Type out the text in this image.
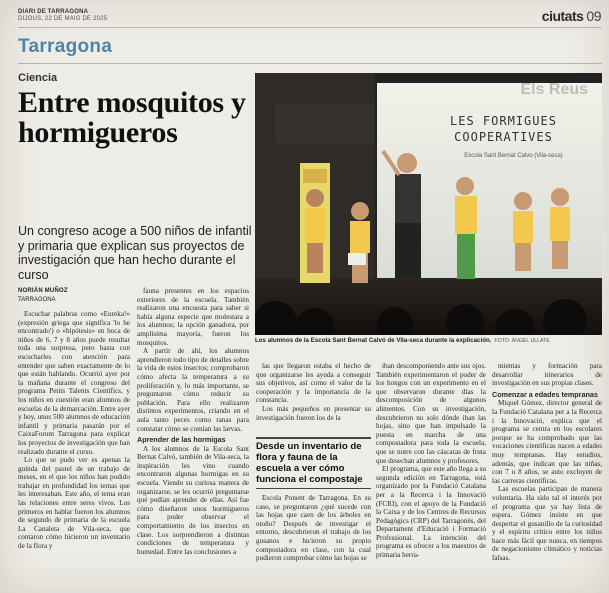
DIARI DE TARRAGONA
DIJOUS, 22 DE MAIG DE 2025	ciutats 09
Tarragona
Ciencia
Entre mosquitos y hormigueros
Un congreso acoge a 500 niños de infantil y primaria que explican sus proyectos de investigación que han hecho durante el curso
NORIÁN MUÑOZ
TARRAGONA
Els Reus
LES FORMIGUES
COOPERATIVES
Escola Sant Bernat Calvo (Vila-seca)
Los alumnos de la Escola Sant Bernat Calvó de Vila-seca durante la explicación. FOTO: ÀNGEL ULLATE

Escuchar palabras como «Eureka!» (expresión griega que significa 'lo he encontrado') o «hipótesis» en boca de niños de 6, 7 y 8 años puede resultar toda una sorpresa, pero basta con escucharles con atención para entender que saben exactamente de lo que están hablando. Ocurrió ayer por la mañana durante el congreso del programa Petits Talents Científics, y los niños en cuestión eran alumnos de escuelas de la demarcación. Entre ayer y hoy, unos 500 alumnos de educación infantil y primaria pasarán por el CaixaForum Tarragona para explicar los proyectos de investigación que han realizado durante el curso.

Lo que se pudo ver es apenas la guinda del pastel de un trabajo de meses, en el que los niños han podido trabajar en profundidad los temas que les interesaban. Este año, el tema eran las relaciones entre seres vivos. Los primeros en hablar fueron los alumnos de segundo de primaria de la escuela La Canaleta de Vila-seca, que contaron cómo hicieron un inventario de la flora y

fauna presentes en los espacios exteriores de la escuela. También realizaron una encuesta para saber si había alguna especie que molestara a los alumnos; la opción ganadora, por amplísima mayoría, fueron los mosquitos.

A partir de ahí, los alumnos aprendieron todo tipo de detalles sobre la vida de estos insectos; comprobaron cómo afecta la temperatura a su proliferación y, lo más importante, se preguntaron cómo reducir su población. Para ello realizaron distintos experimentos, criando en el aula tanto peces como ranas para constatar cómo se comían las larvas.

Aprender de las hormigas

A los alumnos de la Escola Sant Bernat Calvó, también de Vila-seca, la inspiración les vino cuando encontraron algunas hormigas en su escuela. Viendo su curiosa manera de organizarse, se les ocurrió preguntarse qué podían aprender de ellas. Así fue cómo diseñaron unos hormigueros para poder observar el comportamiento de los insectos en clase. Los sorprendieron a distintas condiciones de temperatura y humedad. Entre las conclusiones a

las que llegaron estaba el hecho de que organizarse les ayuda a conseguir sus objetivos, así como el valor de la cooperación y la importancia de la constancia.

Los más pequeños en presentar su investigación fueron los de la

Desde un inventario de flora y fauna de la escuela a ver cómo funciona el compostaje

Escola Ponent de Tarragona. En su caso, se preguntaron ¿qué sucede con las hojas que caen de los árboles en otoño? Después de investigar el entorno, descubrieron el trabajo de los gusanos e hicieron su propio compostadora en clase, con la cual pudieron comprobar cómo las hojas se

iban descomponiendo ante sus ojos. También experimentaron el poder de los hongos con un experimento en el que observaron durante días la descomposición de algunos alimentos. Con su investigación, descubrieron no solo dónde iban las hojas, sino que han impulsado la puesta en marcha de una compostadora para toda la escuela, que se nutre con las cáscaras de fruta que desechan alumnos y profesores.

El programa, que este año llega a su segunda edición en Tarragona, está organizado por la Fundació Catalana per a la Recerca i la Innovació (FCRI), con el apoyo de la Fundació la Caixa y de los Centres de Recursos Pedagògics (CRP) del Tarragonès, del Departament d'Educació i Formació Professional. La intención del programa es ofrecer a los maestros de primaria herra-

mientas y formación para desarrollar itinerarios de investigación en sus propias clases.

Comenzar a edades tempranas

Miquel Gómez, director general de la Fundació Catalana per a la Recerca i la Innovació, explica que el programa se centra en los escolares porque se ha comprobado que las vocaciones científicas nacen a edades muy tempranas. Hay estudios, además, que indican que las niñas, con 7 u 8 años, se auto excluyen de las carreras científicas.

Las escuelas participan de manera voluntaria. Ha sido tal el interés por el programa que ya hay lista de espera. Gómez insiste en que despertar el gusanillo de la curiosidad y el espíritu crítico entre los niños hace más fácil que nunca, en tiempos de negacionismo climático y noticias falsas.
